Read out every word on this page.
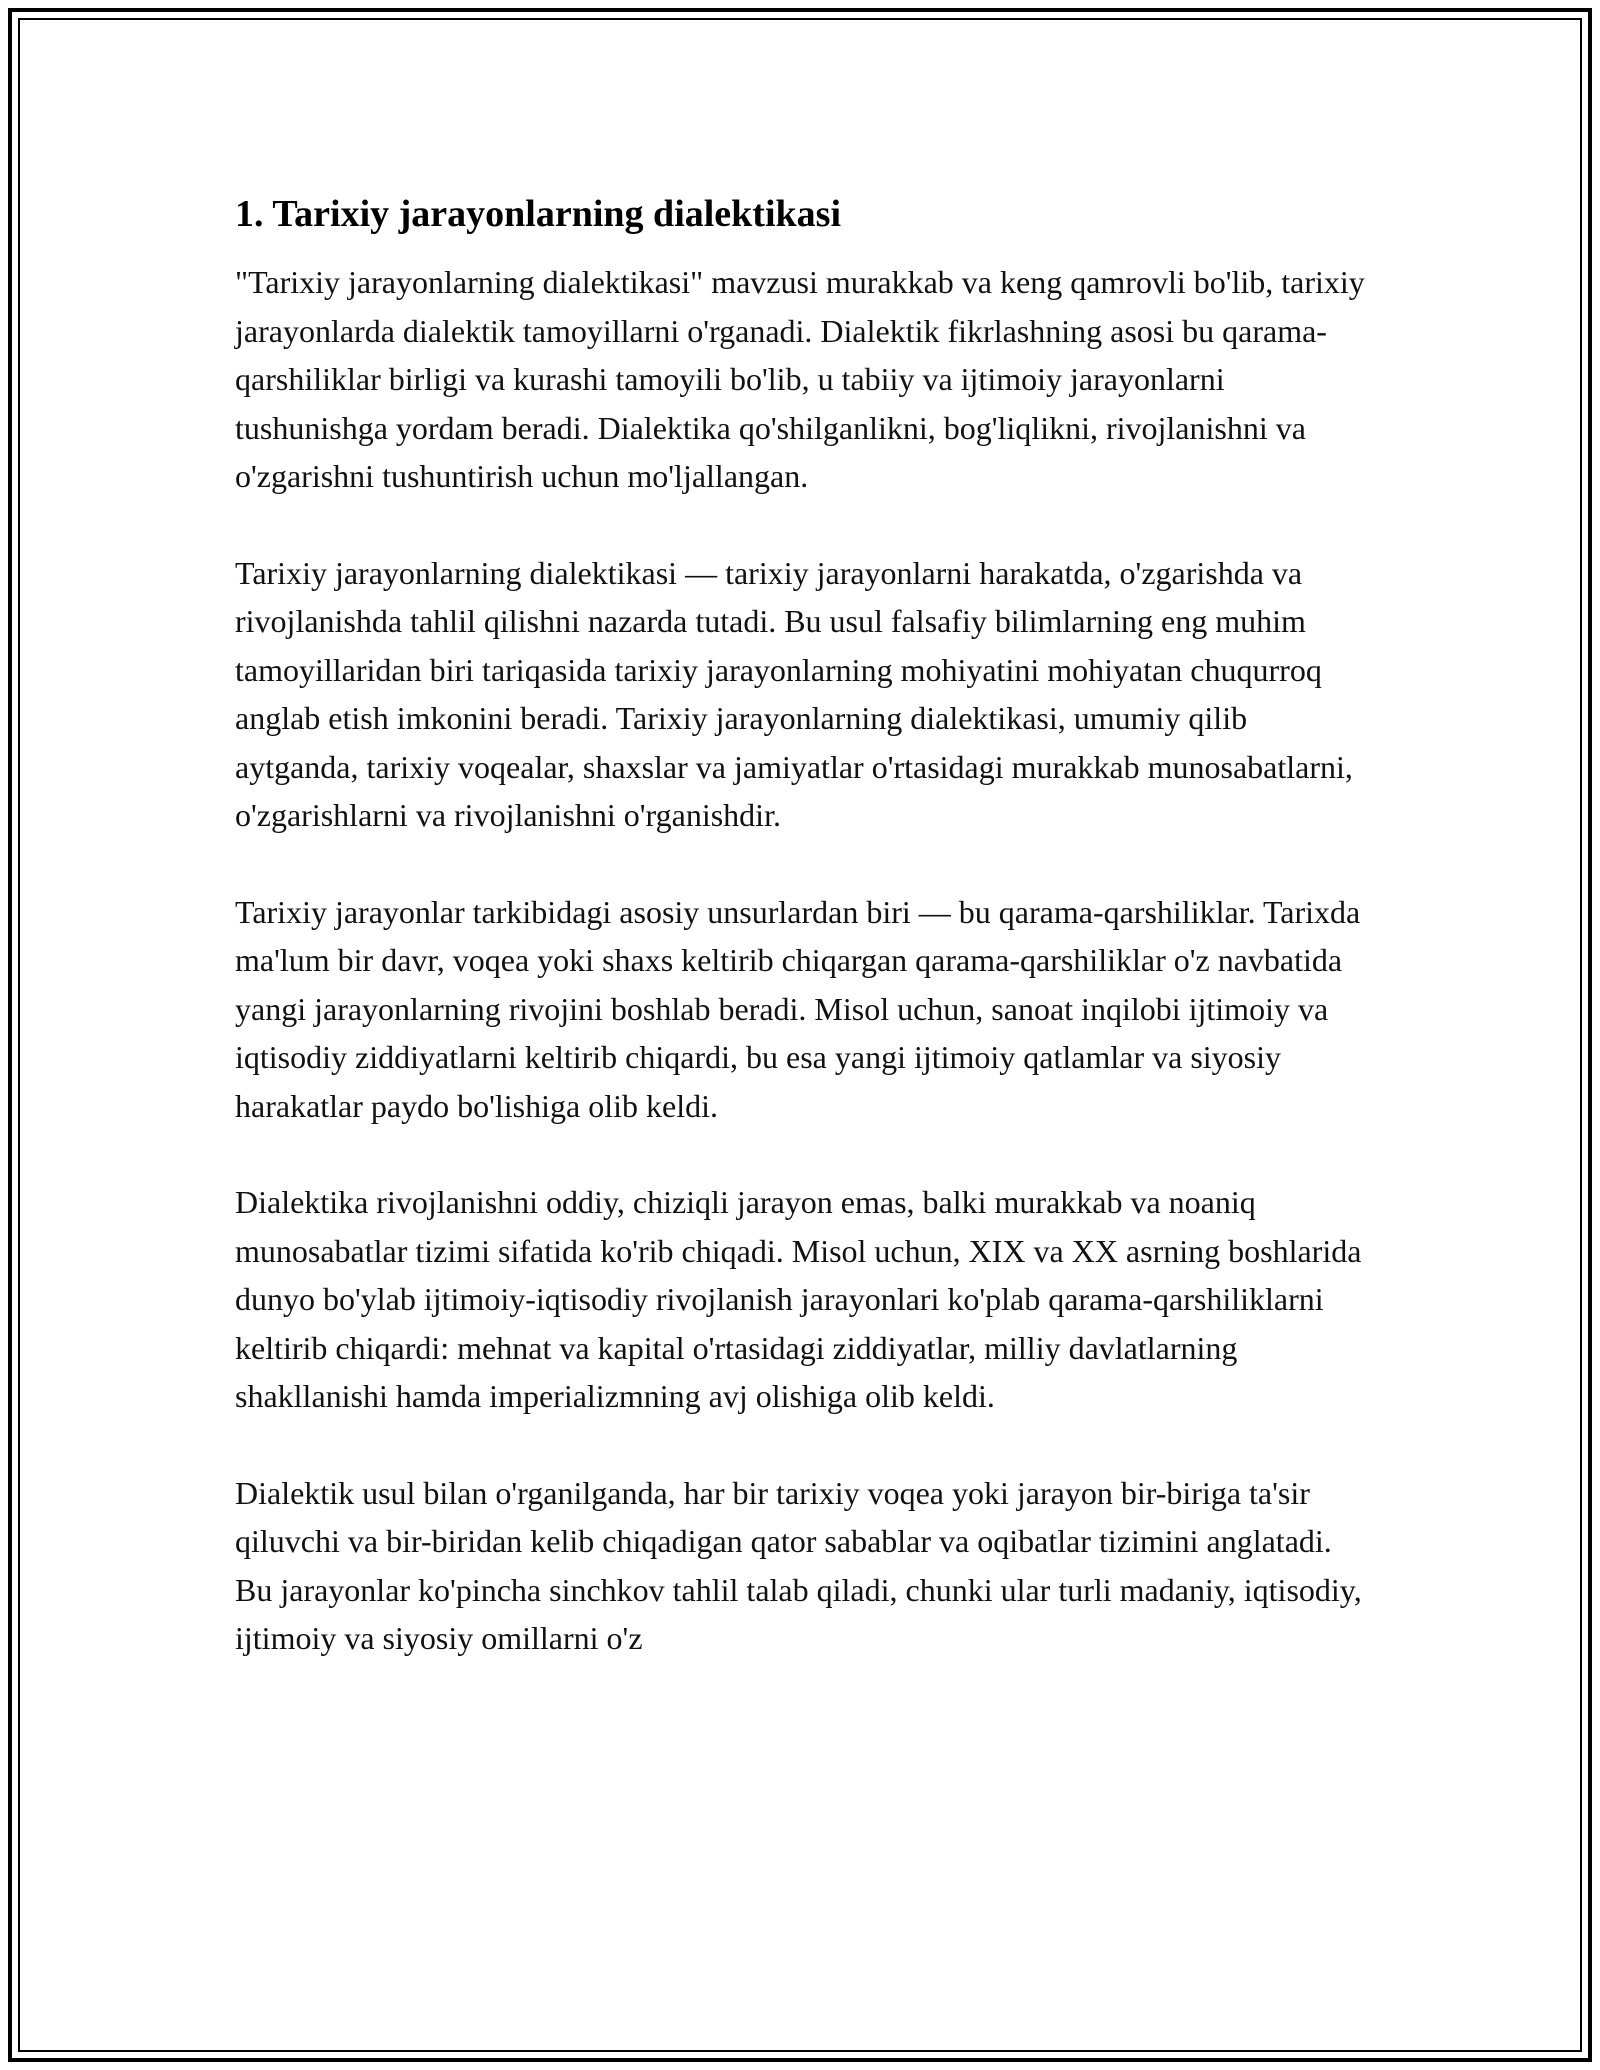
1. Tarixiy jarayonlarning dialektikasi

"Tarixiy jarayonlarning dialektikasi" mavzusi murakkab va keng qamrovli bo'lib, tarixiy jarayonlarda dialektik tamoyillarni o'rganadi. Dialektik fikrlashning asosi bu qarama-qarshiliklar birligi va kurashi tamoyili bo'lib, u tabiiy va ijtimoiy jarayonlarni tushunishga yordam beradi. Dialektika qo'shilganlikni, bog'liqlikni, rivojlanishni va o'zgarishni tushuntirish uchun mo'ljallangan.

Tarixiy jarayonlarning dialektikasi — tarixiy jarayonlarni harakatda, o'zgarishda va rivojlanishda tahlil qilishni nazarda tutadi. Bu usul falsafiy bilimlarning eng muhim tamoyillaridan biri tariqasida tarixiy jarayonlarning mohiyatini mohiyatan chuqurroq anglab etish imkonini beradi. Tarixiy jarayonlarning dialektikasi, umumiy qilib aytganda, tarixiy voqealar, shaxslar va jamiyatlar o'rtasidagi murakkab munosabatlarni, o'zgarishlarni va rivojlanishni o'rganishdir.

Tarixiy jarayonlar tarkibidagi asosiy unsurlardan biri — bu qarama-qarshiliklar. Tarixda ma'lum bir davr, voqea yoki shaxs keltirib chiqargan qarama-qarshiliklar o'z navbatida yangi jarayonlarning rivojini boshlab beradi. Misol uchun, sanoat inqilobi ijtimoiy va iqtisodiy ziddiyatlarni keltirib chiqardi, bu esa yangi ijtimoiy qatlamlar va siyosiy harakatlar paydo bo'lishiga olib keldi.

Dialektika rivojlanishni oddiy, chiziqli jarayon emas, balki murakkab va noaniq munosabatlar tizimi sifatida ko'rib chiqadi. Misol uchun, XIX va XX asrning boshlarida dunyo bo'ylab ijtimoiy-iqtisodiy rivojlanish jarayonlari ko'plab qarama-qarshiliklarni keltirib chiqardi: mehnat va kapital o'rtasidagi ziddiyatlar, milliy davlatlarning shakllanishi hamda imperializmning avj olishiga olib keldi.

Dialektik usul bilan o'rganilganda, har bir tarixiy voqea yoki jarayon bir-biriga ta'sir qiluvchi va bir-biridan kelib chiqadigan qator sabablar va oqibatlar tizimini anglatadi. Bu jarayonlar ko'pincha sinchkov tahlil talab qiladi, chunki ular turli madaniy, iqtisodiy, ijtimoiy va siyosiy omillarni o'z
